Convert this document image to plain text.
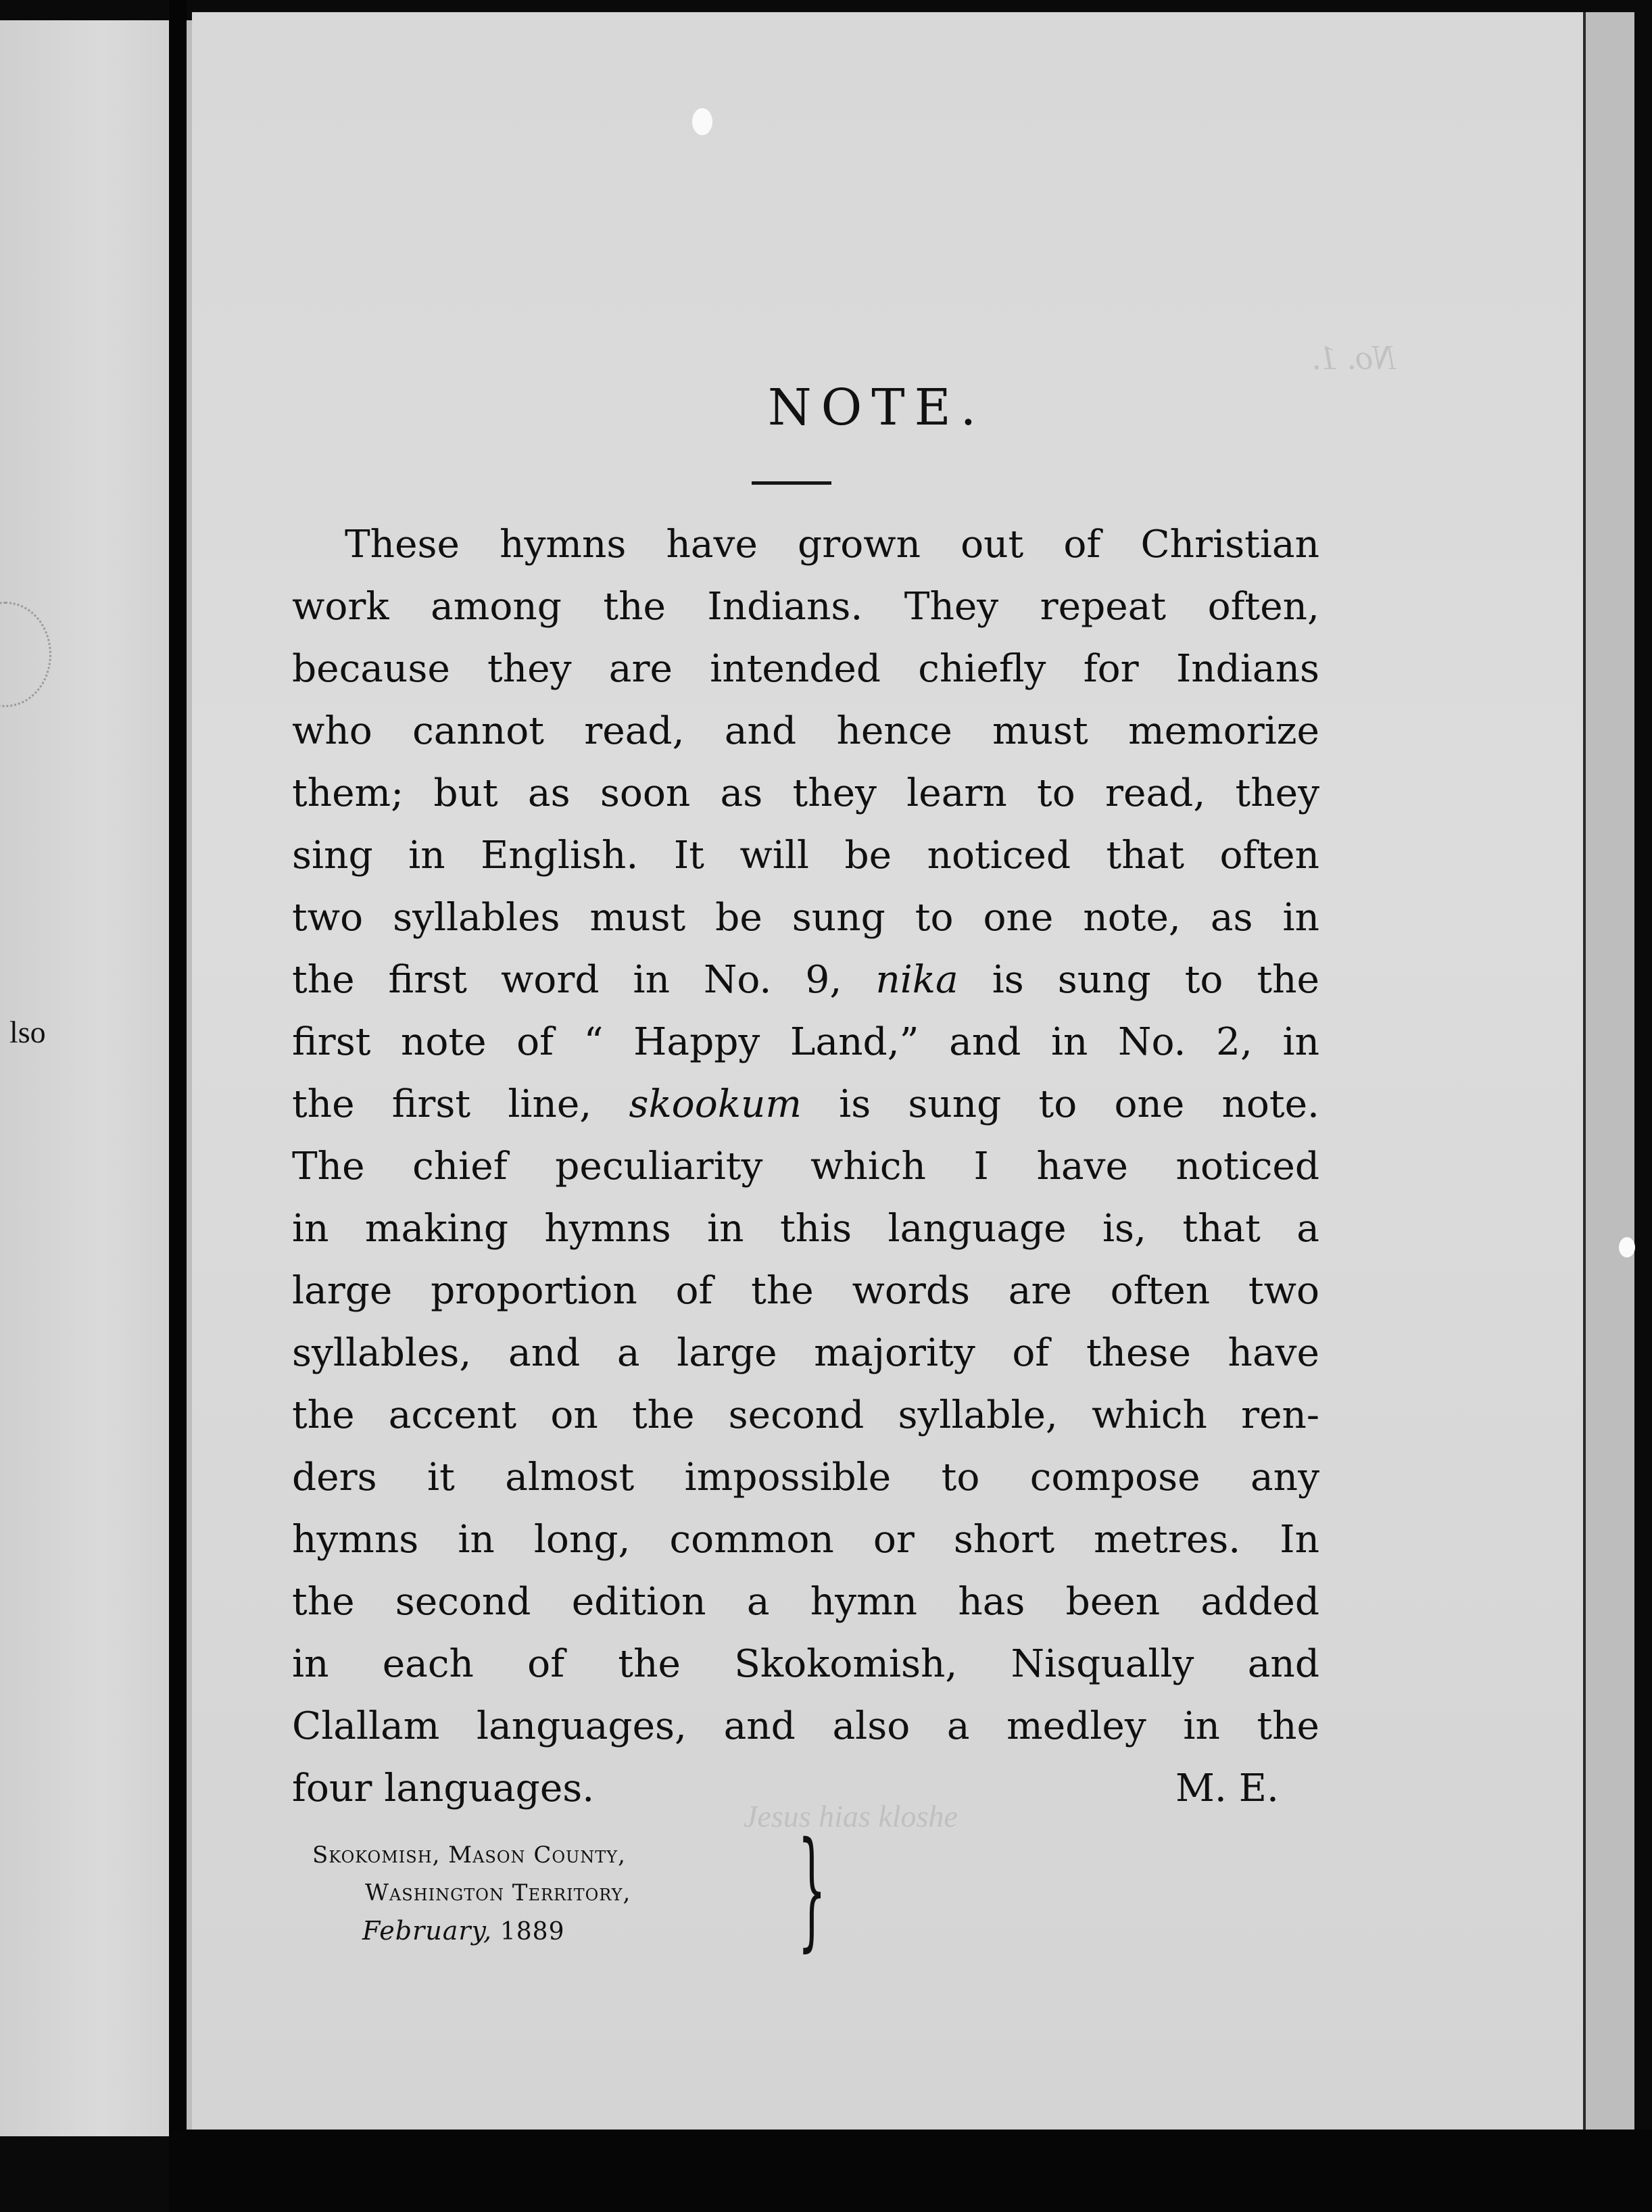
lso
No. 1.
NOTE.
These hymns have grown out of Christian
work among the Indians. They repeat often,
because they are intended chiefly for Indians
who cannot read, and hence must memorize
them; but as soon as they learn to read, they
sing in English. It will be noticed that often
two syllables must be sung to one note, as in
the first word in No. 9, nika is sung to the
first note of “ Happy Land,” and in No. 2, in
the first line, skookum is sung to one note.
The chief peculiarity which I have noticed
in making hymns in this language is, that a
large proportion of the words are often two
syllables, and a large majority of these have
the accent on the second syllable, which ren-
ders it almost impossible to compose any
hymns in long, common or short metres. In
the second edition a hymn has been added
in each of the Skokomish, Nisqually and
Clallam languages, and also a medley in the
four languages.	M. E.
Skokomish, Mason County,
Washington Territory,
February, 1889	}
Jesus hias kloshe
